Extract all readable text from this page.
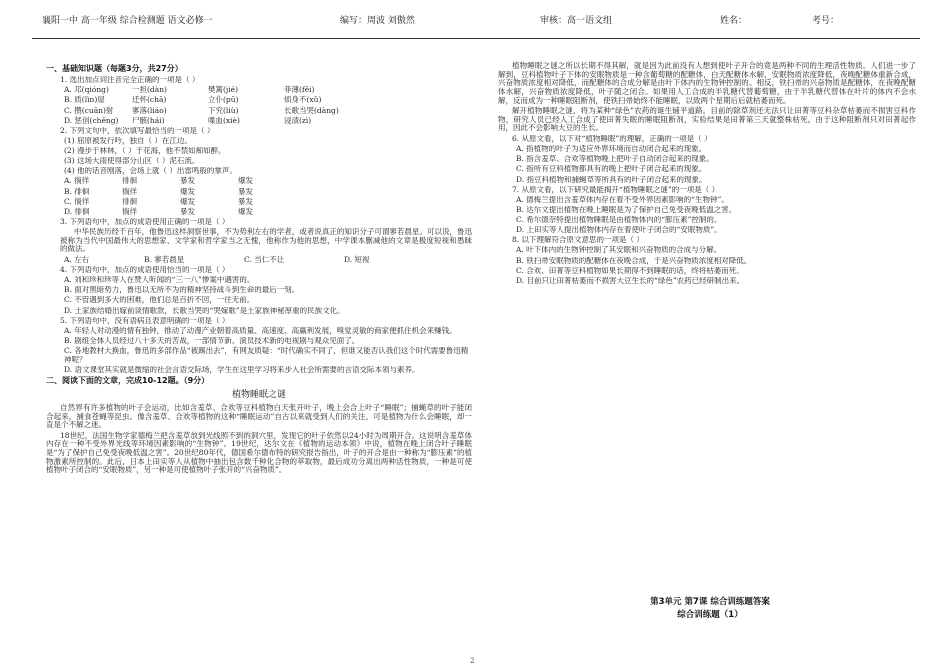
襄阳一中 高一年级 综合检测题 语文必修一	编写：周波 刘傲然	审核：高一语文组	姓名：	考号：
一、基础知识题（每题3分，共27分）
1. 选出加点词注音完全正确的一项是（ ）
A. 邛(qióng)	一担(dàn)	樊篱(jié)	菲薄(fěi)
B. 质(lìn)屋	迁怀(chā)	立仆(pū)	烦身不(xǔ)
C. 攒(cuān)射	寥落(liáo)	下究(liù)	长歌当哭(dàng)
D. 惩创(chěng)	尸骸(hái)	喋血(xiè)	浸渍(zì)
2. 下列文句中，依次填写最恰当的一项是（ ）
(1) 屈原被发行吟，独自（ ）在江边。
(2) 漫步于林林，（ ）于花海，他不禁如痴如醉。
(3) 这场大雨使得部分山区（ ）泥石流。
(4) 他的话音刚落，会场上就（ ）出雷鸣般的掌声。
A. 徜徉	徘徊	暴发	爆发
B. 徘徊	徜徉	爆发	暴发
C. 徜徉	徘徊	爆发	暴发
D. 徘徊	徜徉	暴发	爆发
3. 下列语句中，加点的成语使用正确的一项是（ ）
中华民族历经千百年，他鲁迅这样洞察世事，不为势利左右的学者，或者说真正的知识分子可谓寥若晨星。可以说，鲁迅被称为当代中国最伟大的思想家、文学家和哲学家当之无愧，他称作为他的思想，中学课本删减他的文章是极度短视和愚昧的做法。
A. 左右	B. 寥若晨星	C. 当仁不让	D. 短视
4. 下列语句中，加点的成语使用恰当的一项是（ ）
A. 刘和珍和珍等人在赞人听闻的“三一八”惨案中遇害的。
B. 面对黑暗势力，鲁迅以无所不为的精神坚持战斗到生命的最后一刻。
C. 不管遇到多大的困难，他们总是百折不回，一往无前。
D. 土家族结婚出嫁前谈情歌款，长歌当哭的“哭嫁歌”是土家族神秘厚重的民族文化。
5. 下列语句中，没有语病且表意明确的一项是（ ）
A. 年轻人对动漫的情有独钟，推动了动漫产业朝着高质量、高速度、高赢利发展，嗅觉灵敏的商家便抓住机会来赚钱。
B. 剧组全体人员经过八十多天的苦战，一部情节新、演员技术新的电视剧与观众见面了。
C. 各地教材大换血，鲁迅的多部作品“被踢出去”，有网友质疑：“时代确实不同了，但谁又能否认我们这个时代需要鲁迅精神呢？
D. 语文课堂其实就是微缩的社会言语交际场，学生在这里学习将来步入社会所需要的言语交际本领与素养。
二、阅读下面的文章，完成10-12题。（9分）
植物睡眠之谜
自然界有许多植物的叶子会运动，比如含羞草、合欢等豆科植物白天张开叶子，晚上会合上叶子“睡眠”；捕蝇草的叶子能闭合起来，捕食苍蝇等昆虫。像含羞草、合欢等植物的这种“睡眠运动”自古以来就受到人们的关注，可是植物为什么会睡眠，却一直是个不解之迷。
18世纪，法国生物学家德梅兰把含羞草放到光线照不到的洞穴里，发现它的叶子依然以24小时为周期开合。这说明含羞草体内存在一种不受外界光线等环境因素影响的“生物钟”。19世纪，达尔文在《植物的运动本领》中说，植物在晚上闭合叶子睡眠是“为了保护自己免受夜晚低温之害”。20世纪80年代，德国希尔德布特的研究报告指出，叶子的开合是由一种称为“膨压素”的植物激素所控制的。此后，日本上田实等人从植物中抽出包含数千种化合物的萃取物，最后成功分离出两种活性物质，一种是可使植物叶子闭合的“安眠物质”，另一种是可使植物叶子张开的“兴奋物质”。
植物睡眠之谜之所以长期不得其解，就是因为此前没有人想到使叶子开合的竟是两种不同的生理活性物质。人们进一步了解到，豆科植物叶子下体的安眠物质是一种含葡萄糖的配糖体，白天配糖体水解，安眠物质浓度降低，夜晚配糖体重新合成，兴奋物质浓度相对降低，而配糖体的合成分解是由叶下体内的生物钟控制的。相反，铁扫帚的兴奋物质是配糖体，在夜晚配糖体水解，兴奋物质浓度降低，叶子随之闭合。如果用人工合成的半乳糖代替葡萄糖，由于半乳糖代替体在叶片的体内不会水解，反而成为一种睡眠阻断剂，使铁扫帚始终不能睡眠，以致两个星期后后就枯萎而死。
解开植物睡眠之谜，将为某种“绿色”农药的诞生铺平道路。目前的除草剂还无法只让田菁等豆科杂草枯萎而不损害豆科作物，研究人员已经人工合成了使田菁失眠的睡眠阻断剂，实验结果是田菁第三天就整株枯死。由于这种阻断剂只对田菁起作用，因此不会影响大豆的生长。
6. 从原文看，以下对“植物睡眠”的理解，正确的一项是（ ）
A. 指植物的叶子为适应外界环境而自动闭合起来的现象。
B. 指含羞草、合欢等植物晚上把叶子自动闭合起来的现象。
C. 指所有豆科植物都具有的晚上把叶子闭合起来的现象。
D. 指豆科植物和捕蝇草等所具有的叶子闭合起来的现象。
7. 从原文看，以下研究最能揭开“植物睡眠之谜”的一项是（ ）
A. 德梅兰提出含羞草体内存在着不受外界因素影响的“生物钟”。
B. 达尔文提出植物在晚上睡眠是为了保护自己免受夜晚低温之害。
C. 希尔德奈特提出植物睡眠是由植物体内的“膨压素”控制的。
D. 上田实等人提出植物体内存在着使叶子闭合的“安眠物质”。
8. 以下理解符合原文意思的一项是（ ）
A. 叶下体内的生物钟控制了其安眠和兴奋物质的合成与分解。
B. 铁扫帚安眠物质的配糖体在夜晚合成，于是兴奋物质浓度相对降低。
C. 合欢、田菁等豆科植物如果长期得不到睡眠的话，终将枯萎而死。
D. 目前只让田菁枯萎而不损害大豆生长的“绿色”农药已经研制出来。
第3单元 第7课 综合训练题答案
综合训练题（1）
2
